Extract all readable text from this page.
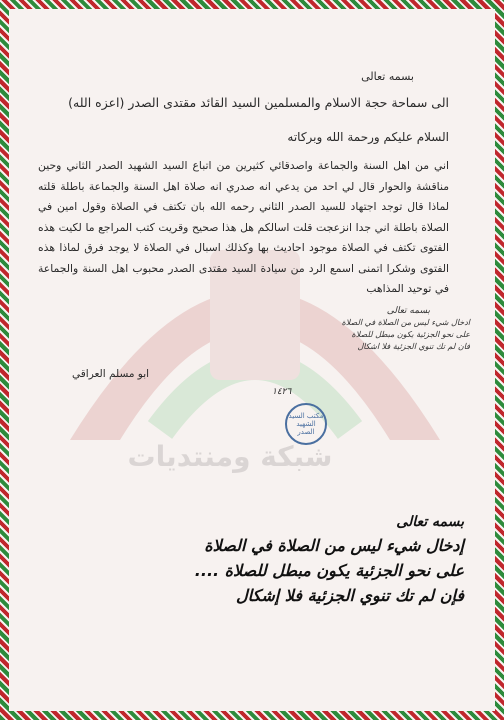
شبكة ومنتديات
بسمه تعالى
الى سماحة حجة الاسلام والمسلمين السيد القائد مقتدى الصدر (اعزه الله)
السلام عليكم ورحمة الله وبركاته
اني من اهل السنة والجماعة واصدقائي كثيرين من اتباع السيد الشهيد الصدر الثاني وحين مناقشة والحوار قال لي احد من يدعي انه صدري انه صلاة اهل السنة والجماعة باطلة قلته لماذا قال توجد اجتهاد للسيد الصدر الثاني رحمه الله بان تكتف في الصلاة وقول امين في الصلاة باطلة اني جدا انزعجت قلت اسالكم هل هذا صحيح وقريت كتب المراجع ما لكيت هذه الفتوى تكتف في الصلاة موجود احاديث بها وكذلك اسبال في الصلاة لا يوجد فرق لماذا هذه الفتوى وشكرا اتمنى اسمع الرد من سيادة السيد مقتدى الصدر محبوب اهل السنة والجماعة في توحيد المذاهب
ابو مسلم العراقي
بسمه تعالى
ادخال شيء ليس من الصلاة في الصلاة
على نحو الجزئية يكون مبطل للصلاة
فان لم تك تنوي الجزئية فلا اشكال
١٤٢٦
مكتب السيد الشهيد الصدر
بسمه تعالى
إدخال شيء ليس من الصلاة في الصلاة
على نحو الجزئية يكون مبطل للصلاة ....
فإن لم تك تنوي الجزئية فلا إشكال
